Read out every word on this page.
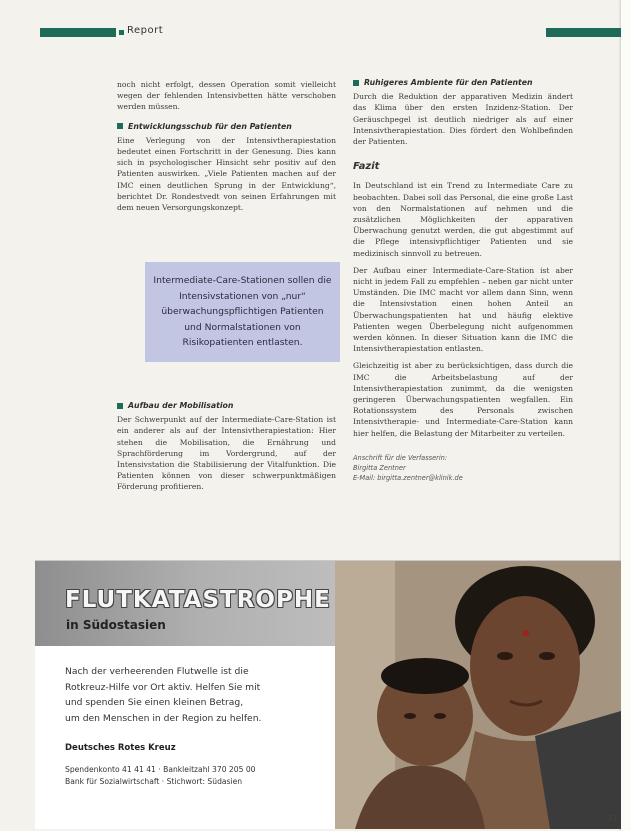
Report

noch nicht erfolgt, dessen Operation somit vielleicht wegen der fehlenden Intensivbetten hätte verschoben werden müssen.

Entwicklungsschub für den Patienten

Eine Verlegung von der Intensivtherapiestation bedeutet einen Fortschritt in der Genesung. Dies kann sich in psychologischer Hinsicht sehr positiv auf den Patienten auswirken. „Viele Patienten machen auf der IMC einen deutlichen Sprung in der Entwicklung“, berichtet Dr. Rondestvedt von seinen Erfahrungen mit dem neuen Versorgungskonzept.

Intermediate-Care-Stationen sollen die Intensivstationen von „nur“ überwachungspflichtigen Patienten und Normalstationen von Risikopatienten entlasten.
Aufbau der Mobilisation

Der Schwerpunkt auf der Intermediate-Care-Station ist ein anderer als auf der Intensivtherapiestation: Hier stehen die Mobilisation, die Ernährung und Sprachförderung im Vordergrund, auf der Intensivstation die Stabilisierung der Vitalfunktion. Die Patienten können von dieser schwerpunktmäßigen Förderung profitieren.

Ruhigeres Ambiente für den Patienten

Durch die Reduktion der apparativen Medizin ändert das Klima über den ersten Inzidenz-Station. Der Geräuschpegel ist deutlich niedriger als auf einer Intensivtherapiestation. Dies fördert den Wohlbefinden der Patienten.

Fazit

In Deutschland ist ein Trend zu Intermediate Care zu beobachten. Dabei soll das Personal, die eine große Last von den Normalstationen auf nehmen und die zusätzlichen Möglichkeiten der apparativen Überwachung genutzt werden, die gut abgestimmt auf die Pflege intensivpflichtiger Patienten und sie medizinisch sinnvoll zu betreuen.

Der Aufbau einer Intermediate-Care-Station ist aber nicht in jedem Fall zu empfehlen – neben gar nicht unter Umständen. Die IMC macht vor allem dann Sinn, wenn die Intensivstation einen hohen Anteil an Überwachungspatienten hat und häufig elektive Patienten wegen Überbelegung nicht aufgenommen werden können. In dieser Situation kann die IMC die Intensivtherapiestation entlasten.

Gleichzeitig ist aber zu berücksichtigen, dass durch die IMC die Arbeitsbelastung auf der Intensivtherapiestation zunimmt, da die wenigsten geringeren Überwachungspatienten wegfallen. Ein Rotationssystem des Personals zwischen Intensivtherapie- und Intermediate-Care-Station kann hier helfen, die Belastung der Mitarbeiter zu verteilen.

Anschrift für die Verfasserin:
Birgitta Zentner
E-Mail: birgitta.zentner@klinik.de
FLUTKATASTROPHE
in Südostasien
Nach der verheerenden Flutwelle ist die
Rotkreuz-Hilfe vor Ort aktiv. Helfen Sie mit
und spenden Sie einen kleinen Betrag,
um den Menschen in der Region zu helfen.
Deutsches Rotes Kreuz
Spendenkonto 41 41 41 · Bankleitzahl 370 205 00
Bank für Sozialwirtschaft · Stichwort: Südasien
23
